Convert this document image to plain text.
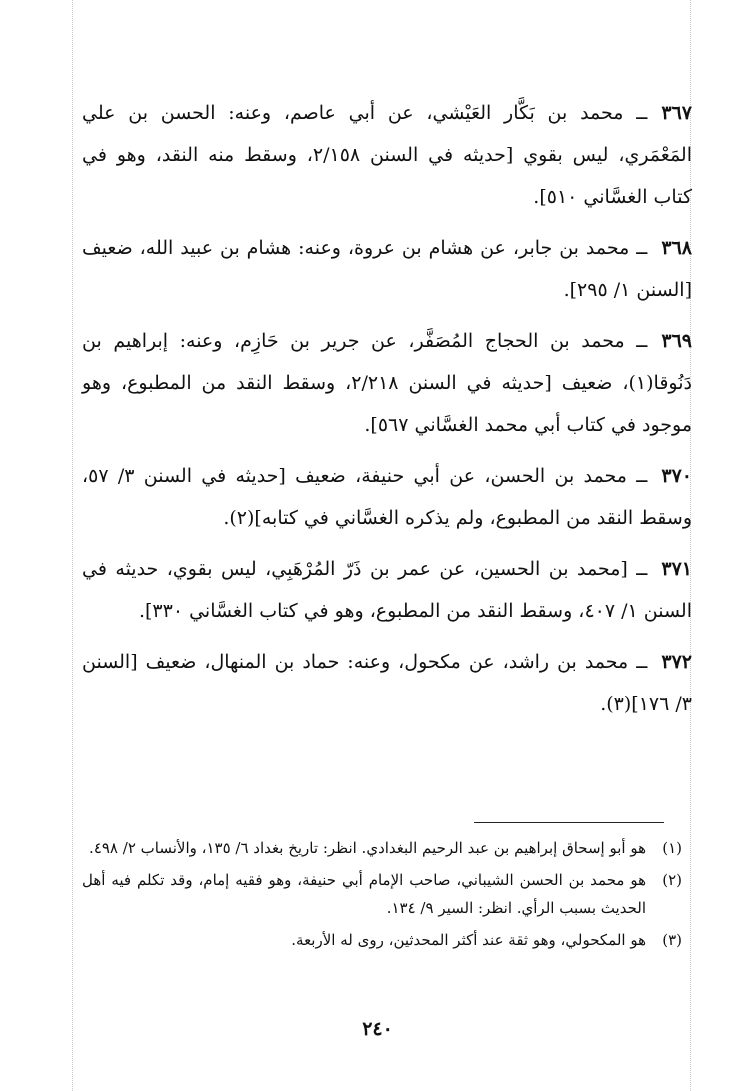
٣٦٧ــ محمد بن بَكَّار العَيْشي، عن أبي عاصم، وعنه: الحسن بن علي المَعْمَري، ليس بقوي [حديثه في السنن ٢/١٥٨، وسقط منه النقد، وهو في كتاب الغسَّاني ٥١٠].

٣٦٨ــ محمد بن جابر، عن هشام بن عروة، وعنه: هشام بن عبيد الله، ضعيف [السنن ١/ ٢٩٥].

٣٦٩ــ محمد بن الحجاج المُصَفَّر، عن جرير بن حَازِم، وعنه: إبراهيم بن دَنُوقا(١)، ضعيف [حديثه في السنن ٢/٢١٨، وسقط النقد من المطبوع، وهو موجود في كتاب أبي محمد الغسَّاني ٥٦٧].

٣٧٠ــ محمد بن الحسن، عن أبي حنيفة، ضعيف [حديثه في السنن ٣/ ٥٧، وسقط النقد من المطبوع، ولم يذكره الغسَّاني في كتابه](٢).

٣٧١ــ [محمد بن الحسين، عن عمر بن ذَرّ المُرْهَبِي، ليس بقوي، حديثه في السنن ١/ ٤٠٧، وسقط النقد من المطبوع، وهو في كتاب الغسَّاني ٣٣٠].

٣٧٢ــ محمد بن راشد، عن مكحول، وعنه: حماد بن المنهال، ضعيف [السنن ٣/ ١٧٦](٣).

(١)
هو أبو إسحاق إبراهيم بن عبد الرحيم البغدادي. انظر: تاريخ بغداد ٦/ ١٣٥، والأنساب ٢/ ٤٩٨.
(٢)
هو محمد بن الحسن الشيباني، صاحب الإمام أبي حنيفة، وهو فقيه إمام، وقد تكلم فيه أهل الحديث بسبب الرأي. انظر: السير ٩/ ١٣٤.
(٣)
هو المكحولي، وهو ثقة عند أكثر المحدثين، روى له الأربعة.
٢٤٠
